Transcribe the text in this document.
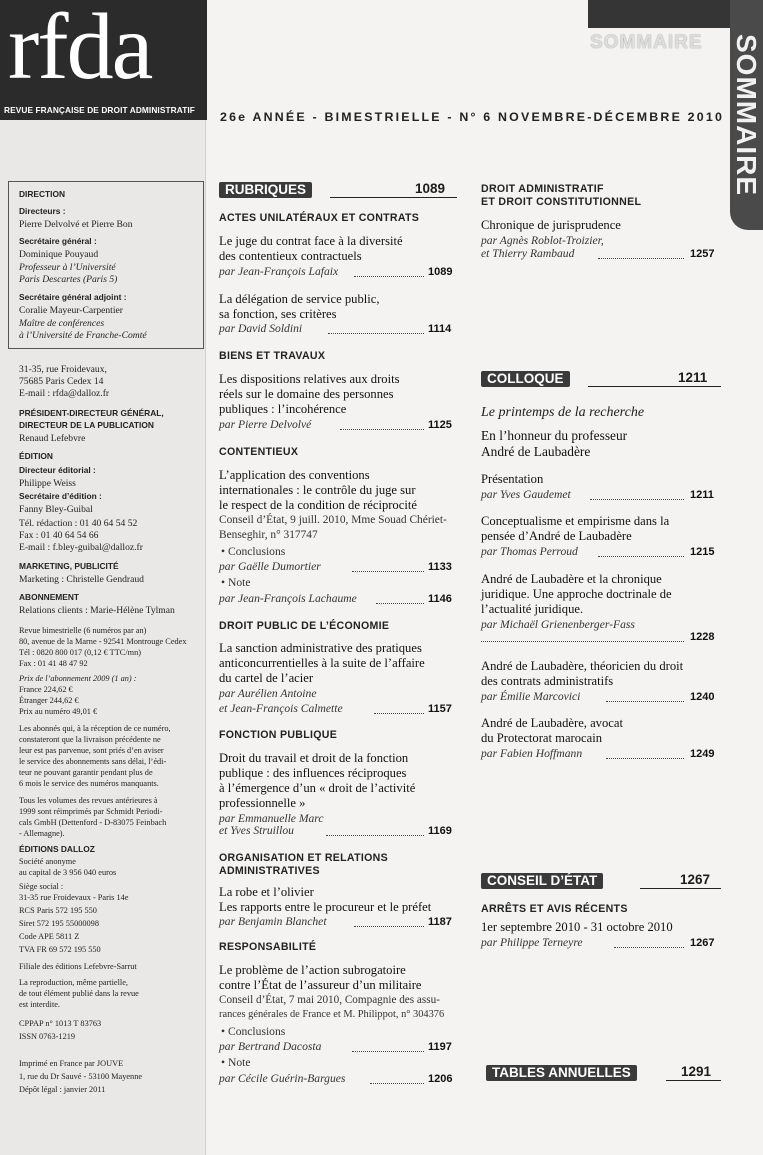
rfda
REVUE FRANÇAISE DE DROIT ADMINISTRATIF
DIRECTION
Directeurs :
Pierre Delvolvé et Pierre Bon
Secrétaire général :
Dominique Pouyaud
Professeur à l’Université
Paris Descartes (Paris 5)
Secrétaire général adjoint :
Coralie Mayeur-Carpentier
Maître de conférences
à l’Université de Franche-Comté
31-35, rue Froidevaux,
75685 Paris Cedex 14
E-mail : rfda@dalloz.fr
PRÉSIDENT-DIRECTEUR GÉNÉRAL,
DIRECTEUR DE LA PUBLICATION
Renaud Lefebvre
ÉDITION
Directeur éditorial :
Philippe Weiss
Secrétaire d’édition :
Fanny Bley-Guibal
Tél. rédaction : 01 40 64 54 52
Fax : 01 40 64 54 66
E-mail : f.bley-guibal@dalloz.fr
MARKETING, PUBLICITÉ
Marketing : Christelle Gendraud
ABONNEMENT
Relations clients : Marie-Hélène Tylman
Revue bimestrielle (6 numéros par an)
80, avenue de la Marne - 92541 Montrouge Cedex
Tél : 0820 800 017 (0,12 € TTC/mn)
Fax : 01 41 48 47 92
Prix de l’abonnement 2009 (1 an) :
France 224,62 €
Étranger 244,62 €
Prix au numéro 49,01 €
Les abonnés qui, à la réception de ce numéro,
constateront que la livraison précédente ne
leur est pas parvenue, sont priés d’en aviser
le service des abonnements sans délai, l’édi-
teur ne pouvant garantir pendant plus de
6 mois le service des numéros manquants.
Tous les volumes des revues antérieures à
1999 sont réimprimés par Schmidt Periodi-
cals GmbH (Dettenford - D-83075 Feinbach
- Allemagne).
ÉDITIONS DALLOZ
Société anonyme
au capital de 3 956 040 euros
Siège social :
31-35 rue Froidevaux - Paris 14e
RCS Paris 572 195 550
Siret 572 195 55000098
Code APE 5811 Z
TVA FR 69 572 195 550
Filiale des éditions Lefebvre-Sarrut
La reproduction, même partielle,
de tout élément publié dans la revue
est interdite.
CPPAP n° 1013 T 83763
ISSN 0763-1219
Imprimé en France par JOUVE
1, rue du Dr Sauvé - 53100 Mayenne
Dépôt légal : janvier 2011
SOMMAIRE SOMMAIRE
26e ANNÉE - BIMESTRIELLE - N° 6 NOVEMBRE-DÉCEMBRE 2010
RUBRIQUES	1089
ACTES UNILATÉRAUX ET CONTRATS
Le juge du contrat face à la diversité
des contentieux contractuels
par Jean-François Lafaix	1089
La délégation de service public,
sa fonction, ses critères
par David Soldini	1114
BIENS ET TRAVAUX
Les dispositions relatives aux droits
réels sur le domaine des personnes
publiques : l’incohérence
par Pierre Delvolvé	1125
CONTENTIEUX
L’application des conventions
internationales : le contrôle du juge sur
le respect de la condition de réciprocité
Conseil d’État, 9 juill. 2010, Mme Souad Chériet-
Benseghir, n° 317747
• Conclusions
par Gaëlle Dumortier	1133
• Note
par Jean-François Lachaume	1146
DROIT PUBLIC DE L’ÉCONOMIE
La sanction administrative des pratiques
anticoncurrentielles à la suite de l’affaire
du cartel de l’acier
par Aurélien Antoine
et Jean-François Calmette	1157
FONCTION PUBLIQUE
Droit du travail et droit de la fonction
publique : des influences réciproques
à l’émergence d’un « droit de l’activité
professionnelle »
par Emmanuelle Marc
et Yves Struillou	1169
ORGANISATION ET RELATIONS
ADMINISTRATIVES
La robe et l’olivier
Les rapports entre le procureur et le préfet
par Benjamin Blanchet	1187
RESPONSABILITÉ
Le problème de l’action subrogatoire
contre l’État de l’assureur d’un militaire
Conseil d’État, 7 mai 2010, Compagnie des assu-
rances générales de France et M. Philippot, n° 304376
• Conclusions
par Bertrand Dacosta	1197
• Note
par Cécile Guérin-Bargues	1206
DROIT ADMINISTRATIF
ET DROIT CONSTITUTIONNEL
Chronique de jurisprudence
par Agnès Roblot-Troizier,
et Thierry Rambaud	1257
COLLOQUE	1211
Le printemps de la recherche
En l’honneur du professeur
André de Laubadère
Présentation
par Yves Gaudemet	1211
Conceptualisme et empirisme dans la
pensée d’André de Laubadère
par Thomas Perroud	1215
André de Laubadère et la chronique
juridique. Une approche doctrinale de
l’actualité juridique.
par Michaël Grienenberger-Fass
1228
André de Laubadère, théoricien du droit
des contrats administratifs
par Émilie Marcovici	1240
André de Laubadère, avocat
du Protectorat marocain
par Fabien Hoffmann	1249
CONSEIL D’ÉTAT	1267
ARRÊTS ET AVIS RÉCENTS
1er septembre 2010 - 31 octobre 2010
par Philippe Terneyre	1267
TABLES ANNUELLES	1291
